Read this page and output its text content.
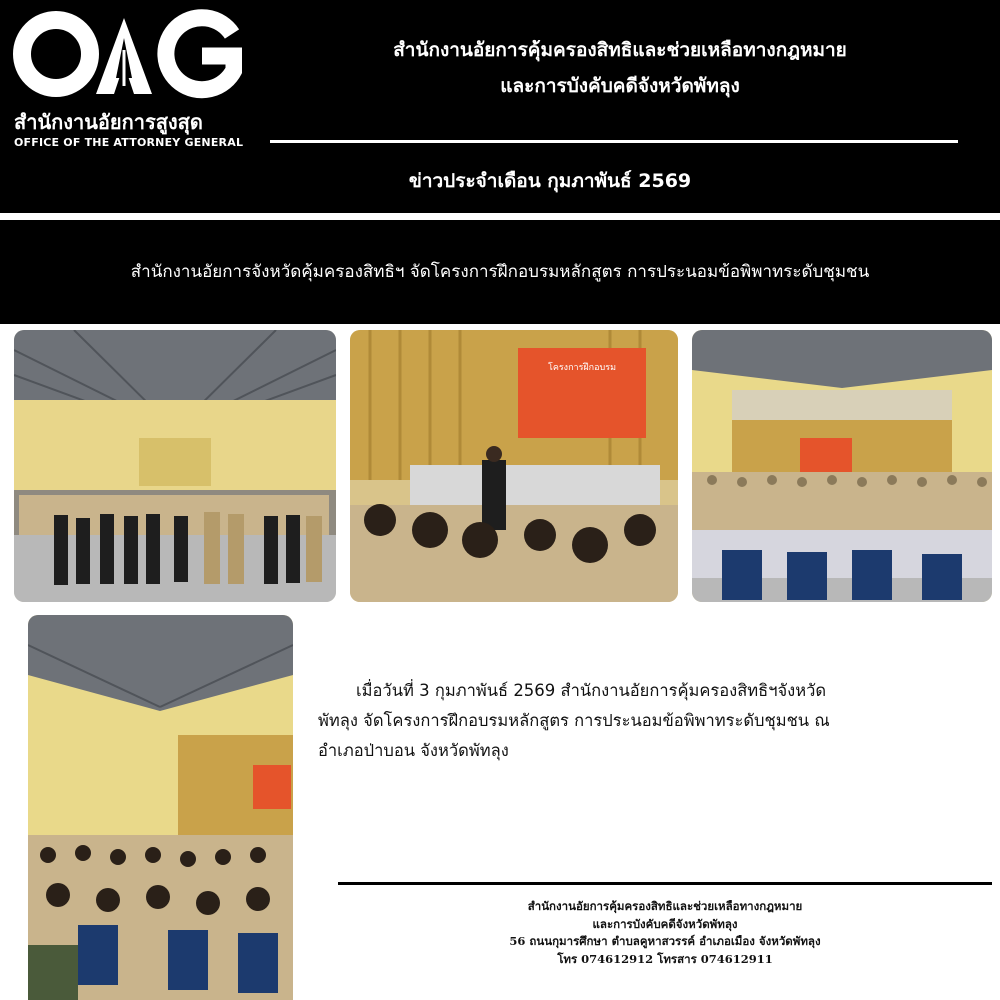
สำนักงานอัยการสูงสุด
OFFICE OF THE ATTORNEY GENERAL
สำนักงานอัยการคุ้มครองสิทธิและช่วยเหลือทางกฎหมาย
และการบังคับคดีจังหวัดพัทลุง
ข่าวประจำเดือน กุมภาพันธ์ 2569
สำนักงานอัยการจังหวัดคุ้มครองสิทธิฯ จัดโครงการฝึกอบรมหลักสูตร การประนอมข้อพิพาทระดับชุมชน
โครงการฝึกอบรม
เมื่อวันที่ 3 กุมภาพันธ์ 2569 สำนักงานอัยการคุ้มครองสิทธิฯจังหวัด
พัทลุง จัดโครงการฝึกอบรมหลักสูตร การประนอมข้อพิพาทระดับชุมชน ณ
อำเภอป่าบอน จังหวัดพัทลุง
สำนักงานอัยการคุ้มครองสิทธิและช่วยเหลือทางกฎหมาย
และการบังคับคดีจังหวัดพัทลุง
56 ถนนกุมารศึกษา ตำบลคูหาสวรรค์ อำเภอเมือง จังหวัดพัทลุง
โทร 074612912 โทรสาร 074612911
